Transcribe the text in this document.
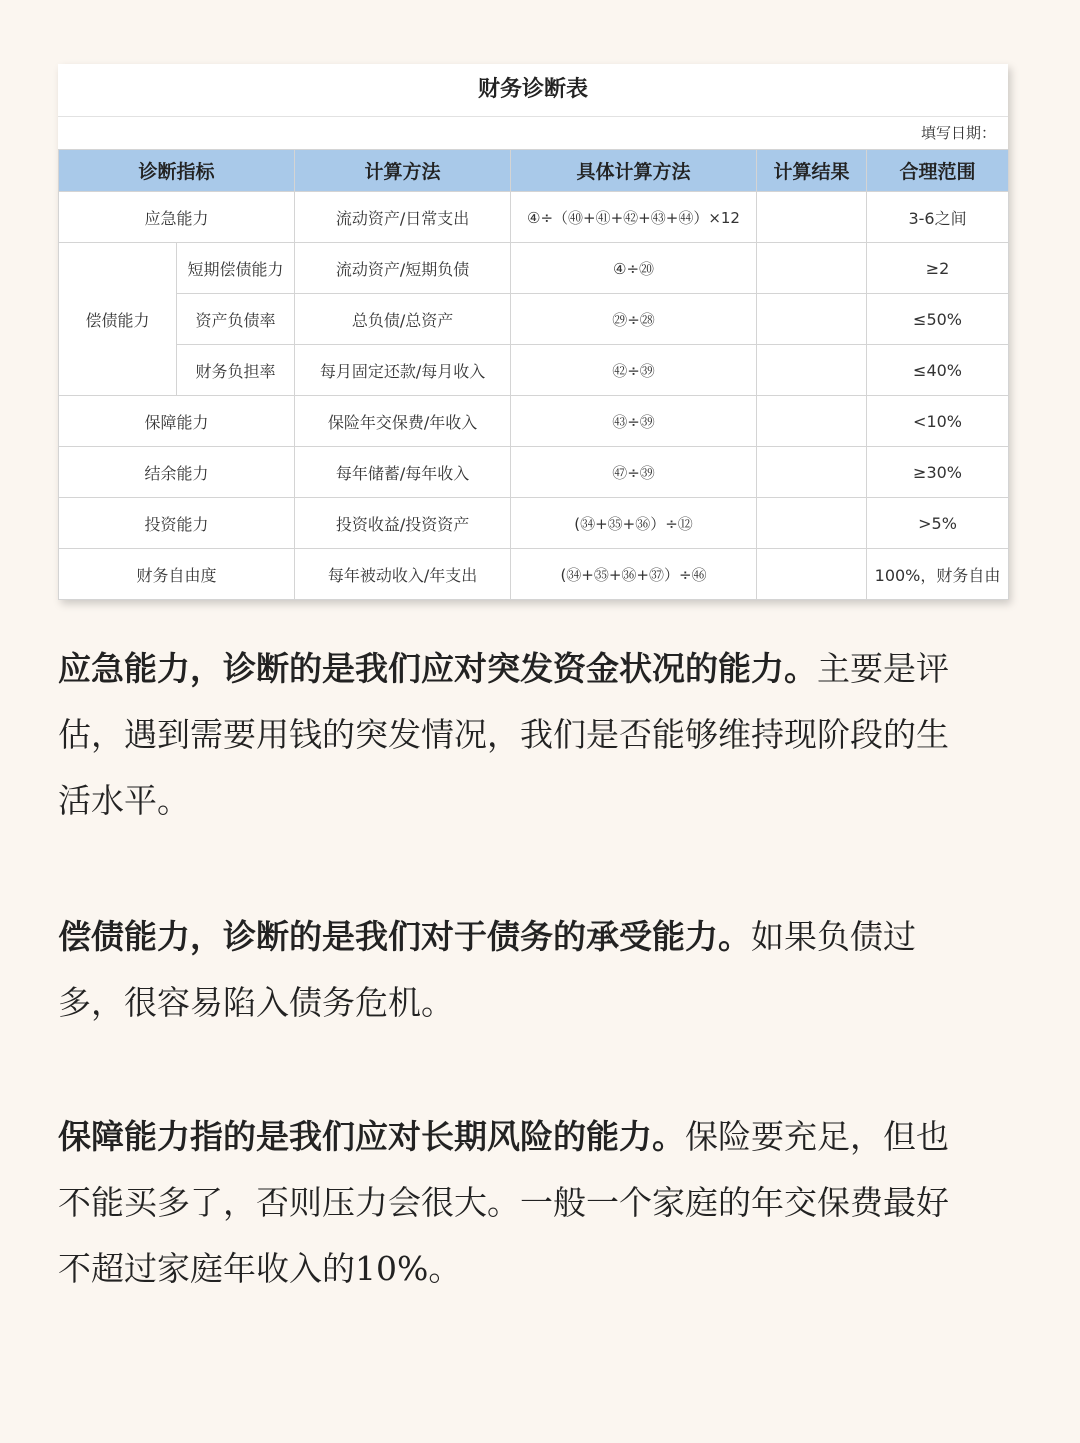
财务诊断表
填写日期：
诊断指标		计算方法	具体计算方法	计算结果	合理范围
应急能力		流动资产/日常支出	④÷（㊵+㊶+㊷+㊸+㊹）×12		3-6之间
偿债能力	短期偿债能力	流动资产/短期负债	④÷⑳		≥2
	资产负债率	总负债/总资产	㉙÷㉘		≤50%
	财务负担率	每月固定还款/每月收入	㊷÷㊴		≤40%
保障能力		保险年交保费/年收入	㊸÷㊴		<10%
结余能力		每年储蓄/每年收入	㊼÷㊴		≥30%
投资能力		投资收益/投资资产	(㉞+㉟+㊱）÷⑫		>5%
财务自由度		每年被动收入/年支出	(㉞+㉟+㊱+㊲）÷㊻		100%，财务自由

应急能力，诊断的是我们应对突发资金状况的能力。主要是评估，遇到需要用钱的突发情况，我们是否能够维持现阶段的生活水平。

偿债能力，诊断的是我们对于债务的承受能力。如果负债过多，很容易陷入债务危机。

保障能力指的是我们应对长期风险的能力。保险要充足，但也不能买多了，否则压力会很大。一般一个家庭的年交保费最好不超过家庭年收入的10%。
